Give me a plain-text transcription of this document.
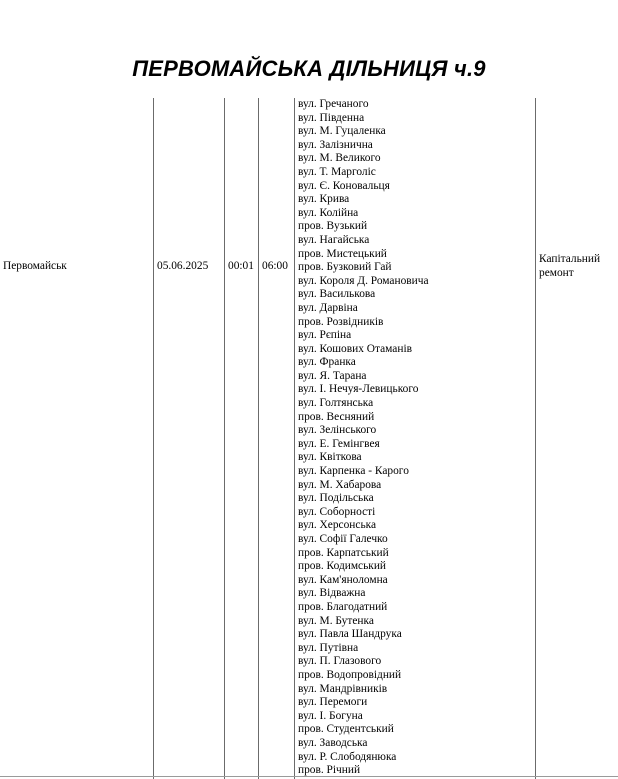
ПЕРВОМАЙСЬКА ДІЛЬНИЦЯ ч.9
Первомайськ	05.06.2025 00:01 06:00
Капітальний
ремонт
вул. Гречаного
вул. Південна
вул. М. Гуцаленка
вул. Залізнична
вул. М. Великого
вул. Т. Марголіс
вул. Є. Коновальця
вул. Крива
вул. Колійна
пров. Вузький
вул. Нагайська
пров. Мистецький
пров. Бузковий Гай
вул. Короля Д. Романовича
вул. Василькова
вул. Дарвіна
пров. Розвідників
вул. Рєпіна
вул. Кошових Отаманів
вул. Франка
вул. Я. Тарана
вул. І. Нечуя-Левицького
вул. Голтянська
пров. Весняний
вул. Зелінського
вул. Е. Гемінгвея
вул. Квіткова
вул. Карпенка - Карого
вул. М. Хабарова
вул. Подільська
вул. Соборності
вул. Херсонська
вул. Софії Галечко
пров. Карпатський
пров. Кодимський
вул. Кам'яноломна
вул. Відважна
пров. Благодатний
вул. М. Бутенка
вул. Павла Шандрука
вул. Путівна
вул. П. Глазового
пров. Водопровідний
вул. Мандрівників
вул. Перемоги
вул. І. Богуна
пров. Студентський
вул. Заводська
вул. Р. Слободянюка
пров. Річний
